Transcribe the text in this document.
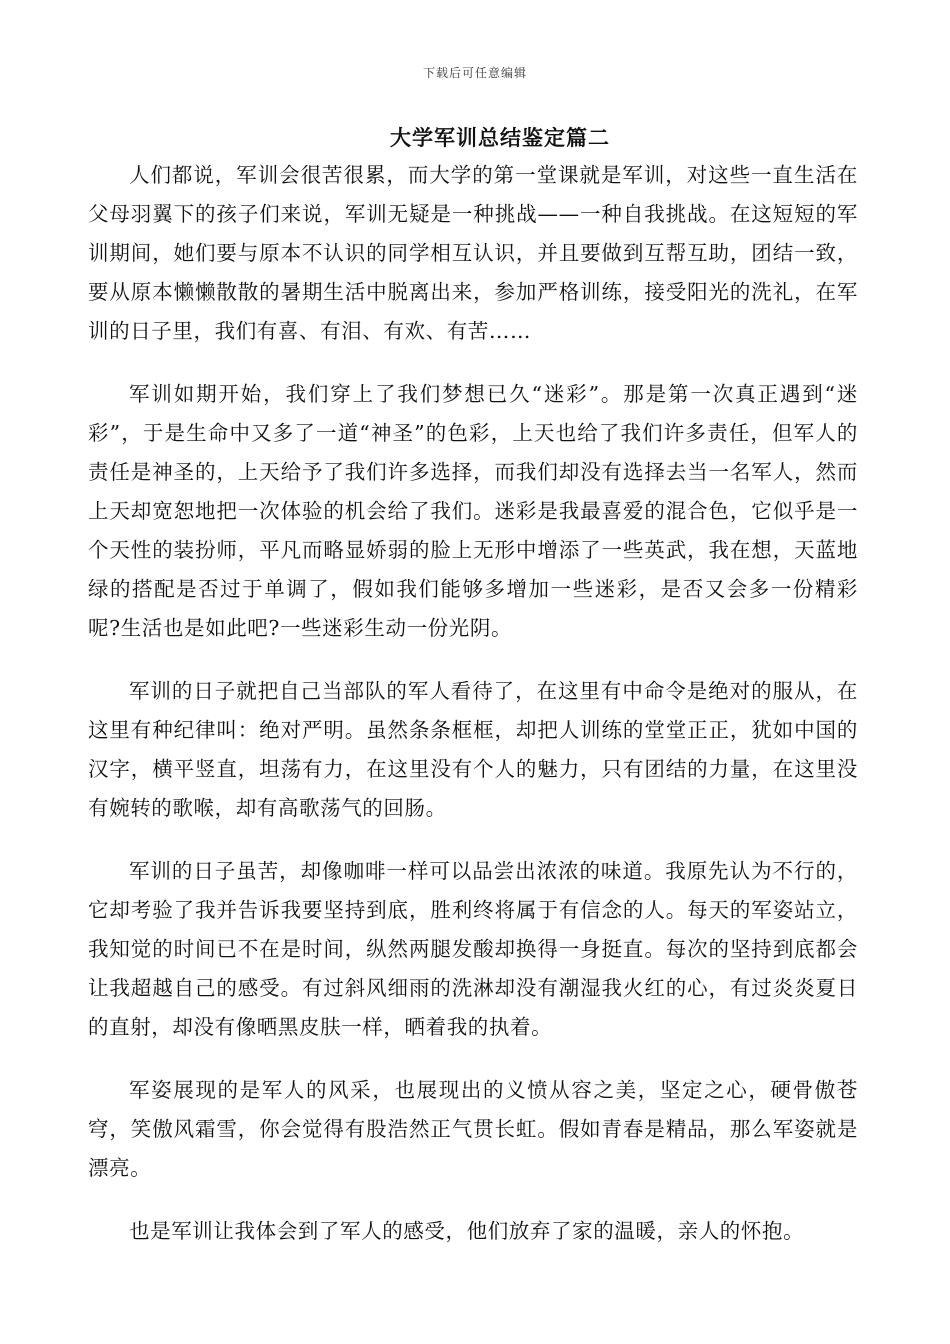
下载后可任意编辑
大学军训总结鉴定篇二

人们都说，军训会很苦很累，而大学的第一堂课就是军训，对这些一直生活在父母羽翼下的孩子们来说，军训无疑是一种挑战——一种自我挑战。在这短短的军训期间，她们要与原本不认识的同学相互认识，并且要做到互帮互助，团结一致，要从原本懒懒散散的暑期生活中脱离出来，参加严格训练，接受阳光的洗礼，在军训的日子里，我们有喜、有泪、有欢、有苦……

军训如期开始，我们穿上了我们梦想已久“迷彩”。那是第一次真正遇到“迷彩”，于是生命中又多了一道“神圣”的色彩，上天也给了我们许多责任，但军人的责任是神圣的，上天给予了我们许多选择，而我们却没有选择去当一名军人，然而上天却宽恕地把一次体验的机会给了我们。迷彩是我最喜爱的混合色，它似乎是一个天性的装扮师，平凡而略显娇弱的脸上无形中增添了一些英武，我在想，天蓝地绿的搭配是否过于单调了，假如我们能够多增加一些迷彩，是否又会多一份精彩呢?生活也是如此吧?一些迷彩生动一份光阴。

军训的日子就把自己当部队的军人看待了，在这里有中命令是绝对的服从，在这里有种纪律叫：绝对严明。虽然条条框框，却把人训练的堂堂正正，犹如中国的汉字，横平竖直，坦荡有力，在这里没有个人的魅力，只有团结的力量，在这里没有婉转的歌喉，却有高歌荡气的回肠。

军训的日子虽苦，却像咖啡一样可以品尝出浓浓的味道。我原先认为不行的，它却考验了我并告诉我要坚持到底，胜利终将属于有信念的人。每天的军姿站立，我知觉的时间已不在是时间，纵然两腿发酸却换得一身挺直。每次的坚持到底都会让我超越自己的感受。有过斜风细雨的洗淋却没有潮湿我火红的心，有过炎炎夏日的直射，却没有像晒黑皮肤一样，晒着我的执着。

军姿展现的是军人的风采，也展现出的义愤从容之美，坚定之心，硬骨傲苍穹，笑傲风霜雪，你会觉得有股浩然正气贯长虹。假如青春是精品，那么军姿就是漂亮。

也是军训让我体会到了军人的感受，他们放弃了家的温暖，亲人的怀抱。
